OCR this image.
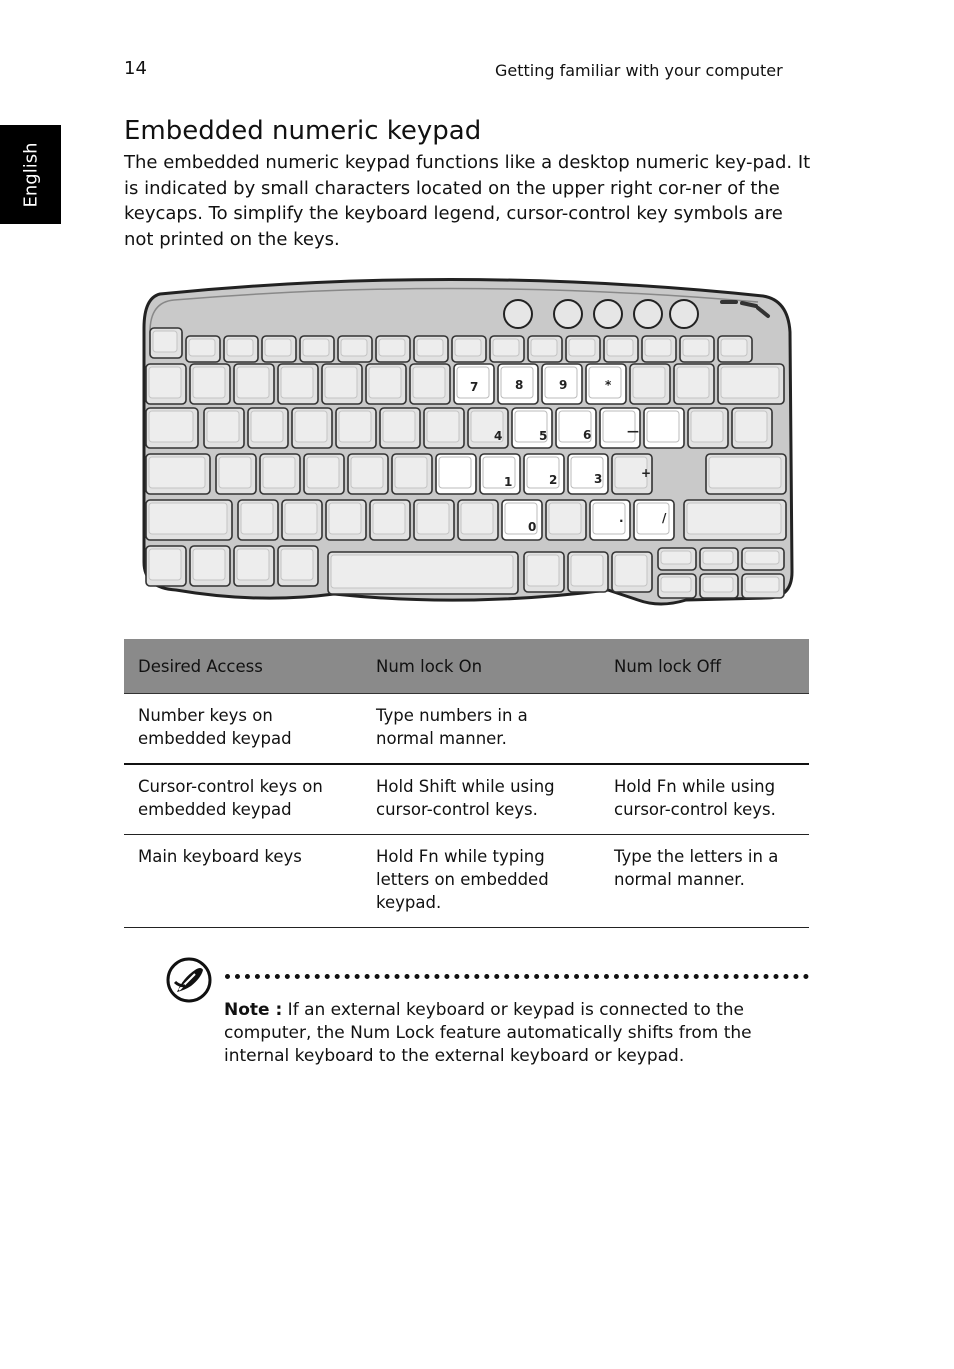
14	Getting familiar with your computer
English
Embedded numeric keypad

The embedded numeric keypad functions like a desktop numeric key-pad. It is indicated by small characters located on the upper right cor-ner of the keycaps. To simplify the keyboard legend, cursor-control key symbols are not printed on the keys.

7	8	9	*
4	5	6	—
1	2	3	+
0
.	/
Desired Access	Num lock On	Num lock Off
Number keys on embedded keypad	Type numbers in a normal manner.	
Cursor-control keys on embedded keypad	Hold Shift while using cursor-control keys.	Hold Fn while using cursor-control keys.
Main keyboard keys	Hold Fn while typing letters on embedded keypad.	Type the letters in a normal manner.

Note : If an external keyboard or keypad is connected to the computer, the Num Lock feature automatically shifts from the internal keyboard to the external keyboard or keypad.
